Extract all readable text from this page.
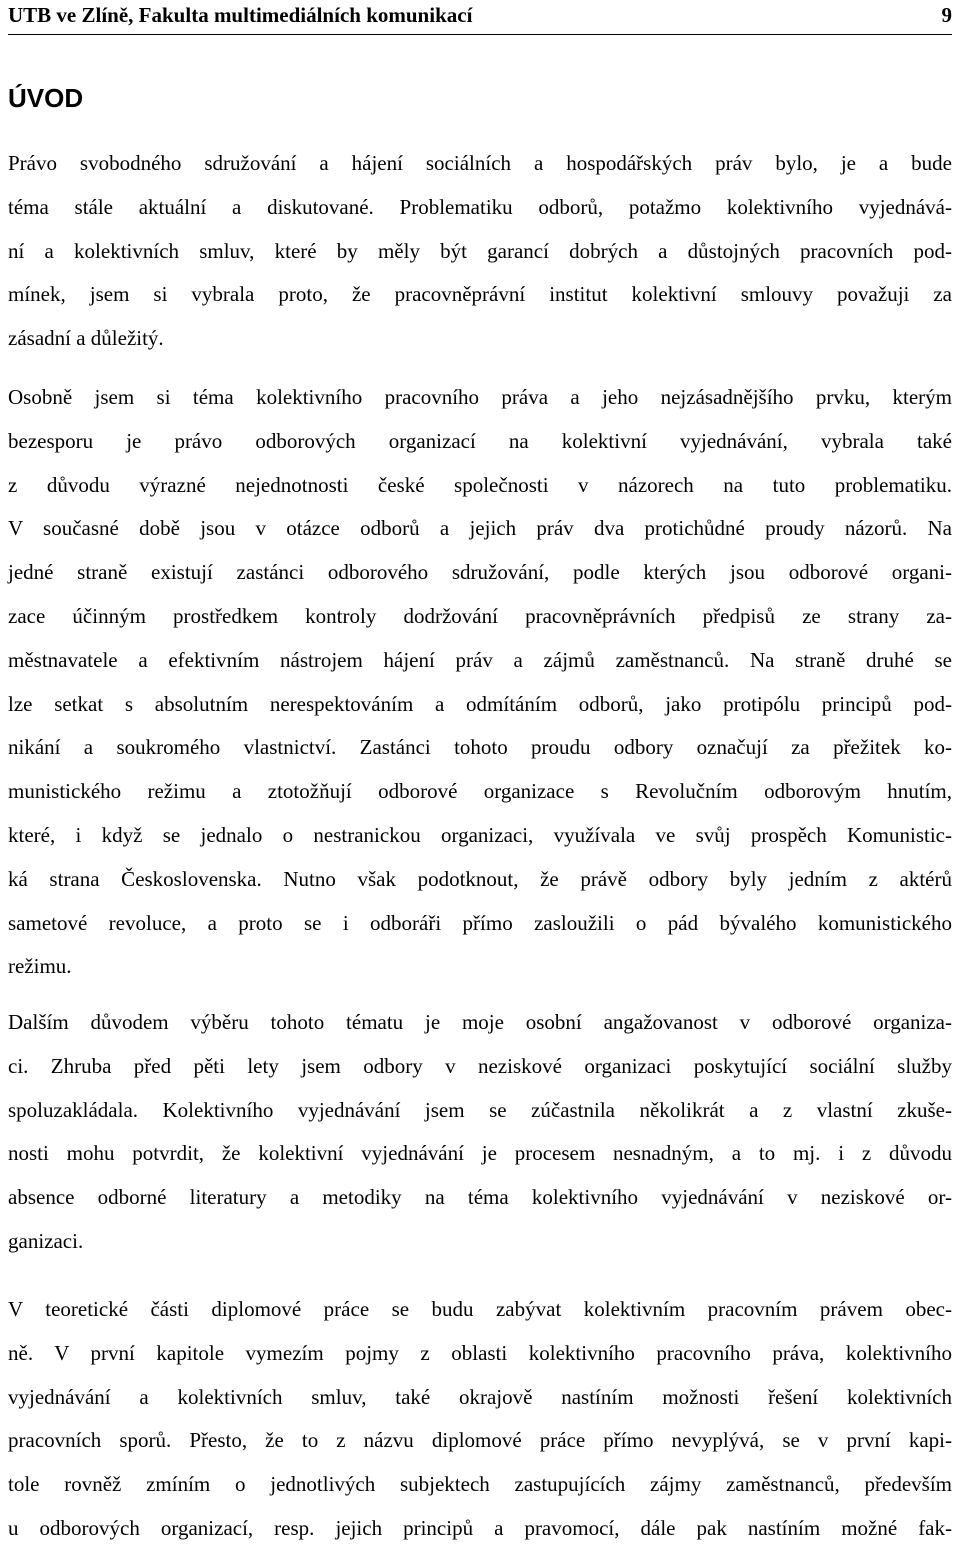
UTB ve Zlíně, Fakulta multimediálních komunikací	9
ÚVOD
Právo svobodného sdružování a hájení sociálních a hospodářských práv bylo, je a bude
téma stále aktuální a diskutované. Problematiku odborů, potažmo kolektivního vyjednává-
ní a kolektivních smluv, které by měly být garancí dobrých a důstojných pracovních pod-
mínek, jsem si vybrala proto, že pracovněprávní institut kolektivní smlouvy považuji za
zásadní a důležitý.
Osobně jsem si téma kolektivního pracovního práva a jeho nejzásadnějšího prvku, kterým
bezesporu je právo odborových organizací na kolektivní vyjednávání, vybrala také
z důvodu výrazné nejednotnosti české společnosti v názorech na tuto problematiku.
V současné době jsou v otázce odborů a jejich práv dva protichůdné proudy názorů. Na
jedné straně existují zastánci odborového sdružování, podle kterých jsou odborové organi-
zace účinným prostředkem kontroly dodržování pracovněprávních předpisů ze strany za-
městnavatele a efektivním nástrojem hájení práv a zájmů zaměstnanců. Na straně druhé se
lze setkat s absolutním nerespektováním a odmítáním odborů, jako protipólu principů pod-
nikání a soukromého vlastnictví. Zastánci tohoto proudu odbory označují za přežitek ko-
munistického režimu a ztotožňují odborové organizace s Revolučním odborovým hnutím,
které, i když se jednalo o nestranickou organizaci, využívala ve svůj prospěch Komunistic-
ká strana Československa. Nutno však podotknout, že právě odbory byly jedním z aktérů
sametové revoluce, a proto se i odboráři přímo zasloužili o pád bývalého komunistického
režimu.
Dalším důvodem výběru tohoto tématu je moje osobní angažovanost v odborové organiza-
ci. Zhruba před pěti lety jsem odbory v neziskové organizaci poskytující sociální služby
spoluzakládala. Kolektivního vyjednávání jsem se zúčastnila několikrát a z vlastní zkuše-
nosti mohu potvrdit, že kolektivní vyjednávání je procesem nesnadným, a to mj. i z důvodu
absence odborné literatury a metodiky na téma kolektivního vyjednávání v neziskové or-
ganizaci.
V teoretické části diplomové práce se budu zabývat kolektivním pracovním právem obec-
ně. V první kapitole vymezím pojmy z oblasti kolektivního pracovního práva, kolektivního
vyjednávání a kolektivních smluv, také okrajově nastíním možnosti řešení kolektivních
pracovních sporů. Přesto, že to z názvu diplomové práce přímo nevyplývá, se v první kapi-
tole rovněž zmíním o jednotlivých subjektech zastupujících zájmy zaměstnanců, především
u odborových organizací, resp. jejich principů a pravomocí, dále pak nastíním možné fak-
